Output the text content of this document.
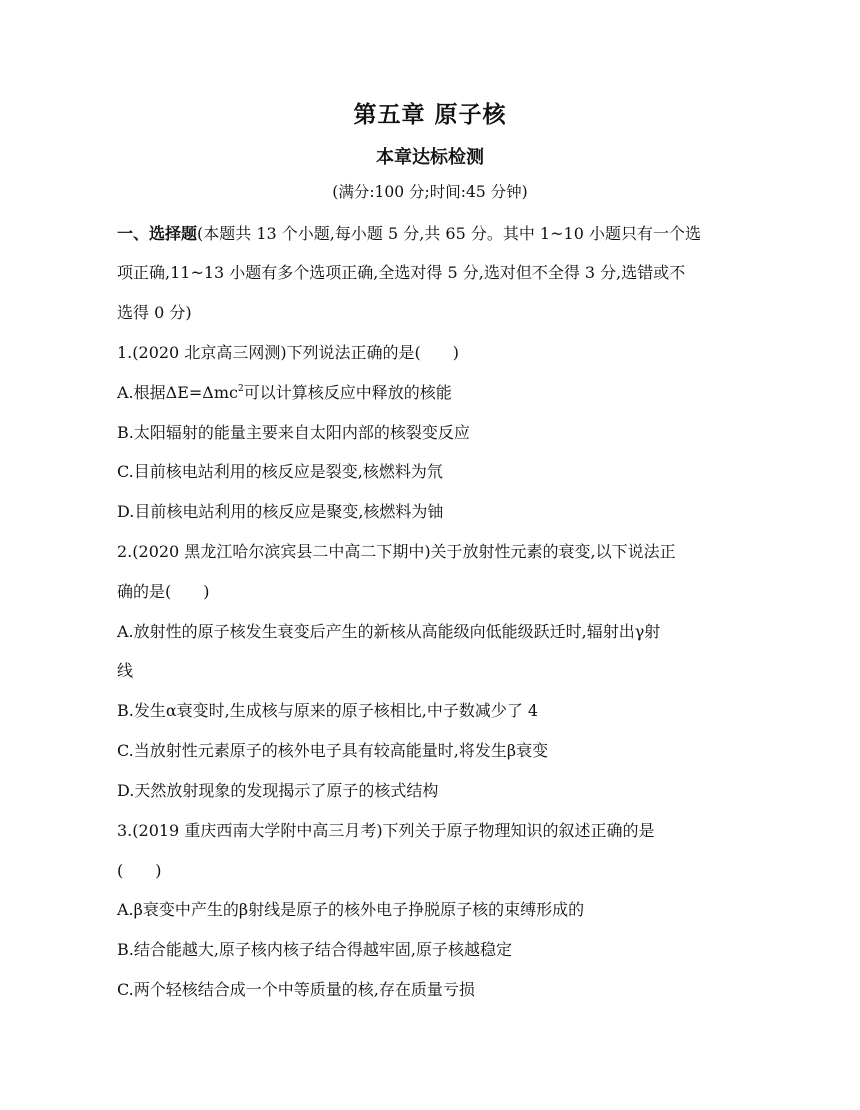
第五章 原子核
本章达标检测
(满分:100 分;时间:45 分钟)
一、选择题(本题共 13 个小题,每小题 5 分,共 65 分。其中 1~10 小题只有一个选
项正确,11~13 小题有多个选项正确,全选对得 5 分,选对但不全得 3 分,选错或不
选得 0 分)
1.(2020 北京高三网测)下列说法正确的是(　　)
A.根据ΔE=Δmc$^2$可以计算核反应中释放的核能
B.太阳辐射的能量主要来自太阳内部的核裂变反应
C.目前核电站利用的核反应是裂变,核燃料为氘
D.目前核电站利用的核反应是聚变,核燃料为铀
2.(2020 黑龙江哈尔滨宾县二中高二下期中)关于放射性元素的衰变,以下说法正
确的是(　　)
A.放射性的原子核发生衰变后产生的新核从高能级向低能级跃迁时,辐射出γ射
线
B.发生α衰变时,生成核与原来的原子核相比,中子数减少了 4
C.当放射性元素原子的核外电子具有较高能量时,将发生β衰变
D.天然放射现象的发现揭示了原子的核式结构
3.(2019 重庆西南大学附中高三月考)下列关于原子物理知识的叙述正确的是
(　　)
A.β衰变中产生的β射线是原子的核外电子挣脱原子核的束缚形成的
B.结合能越大,原子核内核子结合得越牢固,原子核越稳定
C.两个轻核结合成一个中等质量的核,存在质量亏损
